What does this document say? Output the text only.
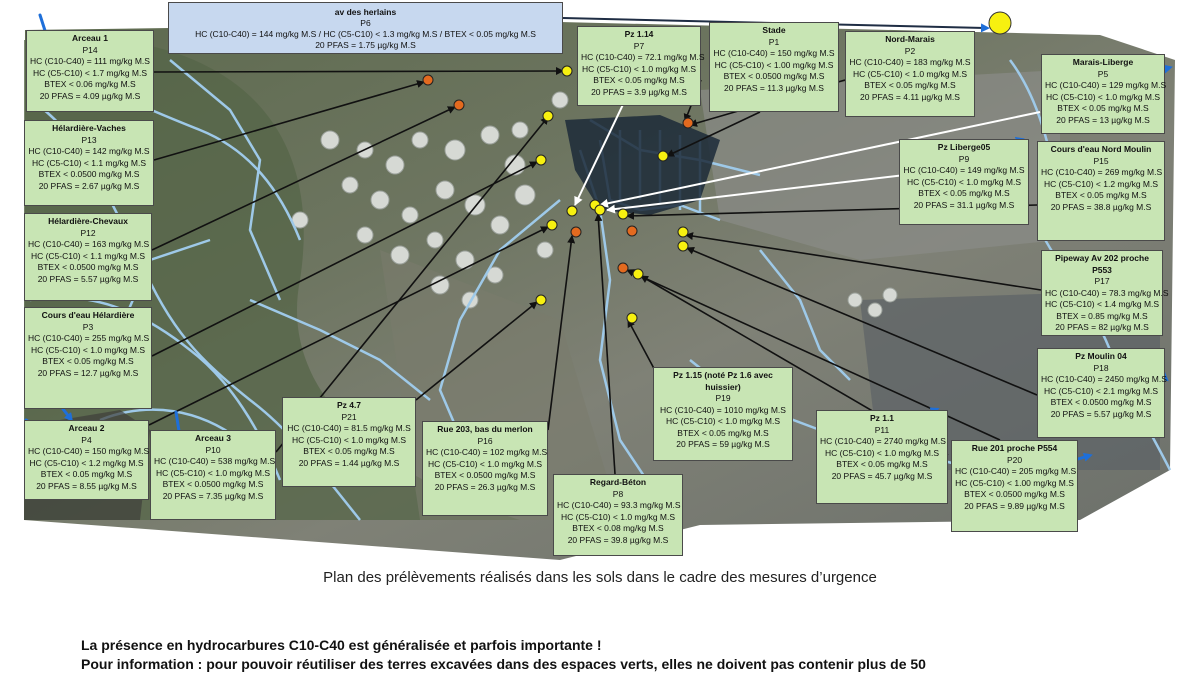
Arceau 1
P14
HC (C10-C40) = 111 mg/kg M.S
HC (C5-C10) < 1.7 mg/kg M.S
BTEX < 0.06 mg/kg M.S
20 PFAS = 4.09 µg/kg M.S
av des herlains
P6
HC (C10-C40) = 144 mg/kg M.S / HC (C5-C10) < 1.3 mg/kg M.S / BTEX < 0.05 mg/kg M.S
20 PFAS = 1.75 µg/kg M.S
Pz 1.14
P7
HC (C10-C40) = 72.1 mg/kg M.S
HC (C5-C10) < 1.0 mg/kg M.S
BTEX < 0.05 mg/kg M.S
20 PFAS = 3.9 µg/kg M.S
Stade
P1
HC (C10-C40) = 150 mg/kg M.S
HC (C5-C10) < 1.00 mg/kg M.S
BTEX < 0.0500 mg/kg M.S
20 PFAS = 11.3 µg/kg M.S
Nord-Marais
P2
HC (C10-C40) = 183 mg/kg M.S
HC (C5-C10) < 1.0 mg/kg M.S
BTEX < 0.05 mg/kg M.S
20 PFAS = 4.11 µg/kg M.S
Marais-Liberge
P5
HC (C10-C40) = 129 mg/kg M.S
HC (C5-C10) < 1.0 mg/kg M.S
BTEX < 0.05 mg/kg M.S
20 PFAS = 13 µg/kg M.S
Hélardière-Vaches
P13
HC (C10-C40) = 142 mg/kg M.S
HC (C5-C10) < 1.1 mg/kg M.S
BTEX < 0.0500 mg/kg M.S
20 PFAS = 2.67 µg/kg M.S
Pz Liberge05
P9
HC (C10-C40) = 149 mg/kg M.S
HC (C5-C10) < 1.0 mg/kg M.S
BTEX < 0.05 mg/kg M.S
20 PFAS = 31.1 µg/kg M.S
Cours d'eau Nord Moulin
P15
HC (C10-C40) = 269 mg/kg M.S
HC (C5-C10) < 1.2 mg/kg M.S
BTEX < 0.05 mg/kg M.S
20 PFAS = 38.8 µg/kg M.S
Hélardière-Chevaux
P12
HC (C10-C40) = 163 mg/kg M.S
HC (C5-C10) < 1.1 mg/kg M.S
BTEX < 0.0500 mg/kg M.S
20 PFAS = 5.57 µg/kg M.S
Pipeway Av 202 proche P553
P17
HC (C10-C40) = 78.3 mg/kg M.S
HC (C5-C10) < 1.4 mg/kg M.S
BTEX = 0.85 mg/kg M.S
20 PFAS = 82 µg/kg M.S
Cours d'eau Hélardière
P3
HC (C10-C40) = 255 mg/kg M.S
HC (C5-C10) < 1.0 mg/kg M.S
BTEX < 0.05 mg/kg M.S
20 PFAS = 12.7 µg/kg M.S
Pz Moulin 04
P18
HC (C10-C40) = 2450 mg/kg M.S
HC (C5-C10) < 2.1 mg/kg M.S
BTEX < 0.0500 mg/kg M.S
20 PFAS = 5.57 µg/kg M.S
Pz 1.15 (noté Pz 1.6 avec huissier)
P19
HC (C10-C40) = 1010 mg/kg M.S
HC (C5-C10) < 1.0 mg/kg M.S
BTEX < 0.05 mg/kg M.S
20 PFAS = 59 µg/kg M.S
Pz 4.7
P21
HC (C10-C40) = 81.5 mg/kg M.S
HC (C5-C10) < 1.0 mg/kg M.S
BTEX < 0.05 mg/kg M.S
20 PFAS = 1.44 µg/kg M.S
Rue 203, bas du merlon
P16
HC (C10-C40) = 102 mg/kg M.S
HC (C5-C10) < 1.0 mg/kg M.S
BTEX < 0.0500 mg/kg M.S
20 PFAS = 26.3 µg/kg M.S
Pz 1.1
P11
HC (C10-C40) = 2740 mg/kg M.S
HC (C5-C10) < 1.0 mg/kg M.S
BTEX < 0.05 mg/kg M.S
20 PFAS = 45.7 µg/kg M.S
Arceau 2
P4
HC (C10-C40) = 150 mg/kg M.S
HC (C5-C10) < 1.2 mg/kg M.S
BTEX < 0.05 mg/kg M.S
20 PFAS = 8.55 µg/kg M.S
Arceau 3
P10
HC (C10-C40) = 538 mg/kg M.S
HC (C5-C10) < 1.0 mg/kg M.S
BTEX < 0.0500 mg/kg M.S
20 PFAS = 7.35 µg/kg M.S
Rue 201 proche P554
P20
HC (C10-C40) = 205 mg/kg M.S
HC (C5-C10) < 1.00 mg/kg M.S
BTEX < 0.0500 mg/kg M.S
20 PFAS = 9.89 µg/kg M.S
Regard-Béton
P8
HC (C10-C40) = 93.3 mg/kg M.S
HC (C5-C10) < 1.0 mg/kg M.S
BTEX < 0.08 mg/kg M.S
20 PFAS = 39.8 µg/kg M.S
Plan des prélèvements réalisés dans les sols dans le cadre des mesures d’urgence
La présence en hydrocarbures C10-C40 est généralisée et parfois importante !
Pour information : pour pouvoir réutiliser des terres excavées dans des espaces verts, elles ne doivent pas contenir plus de 50
